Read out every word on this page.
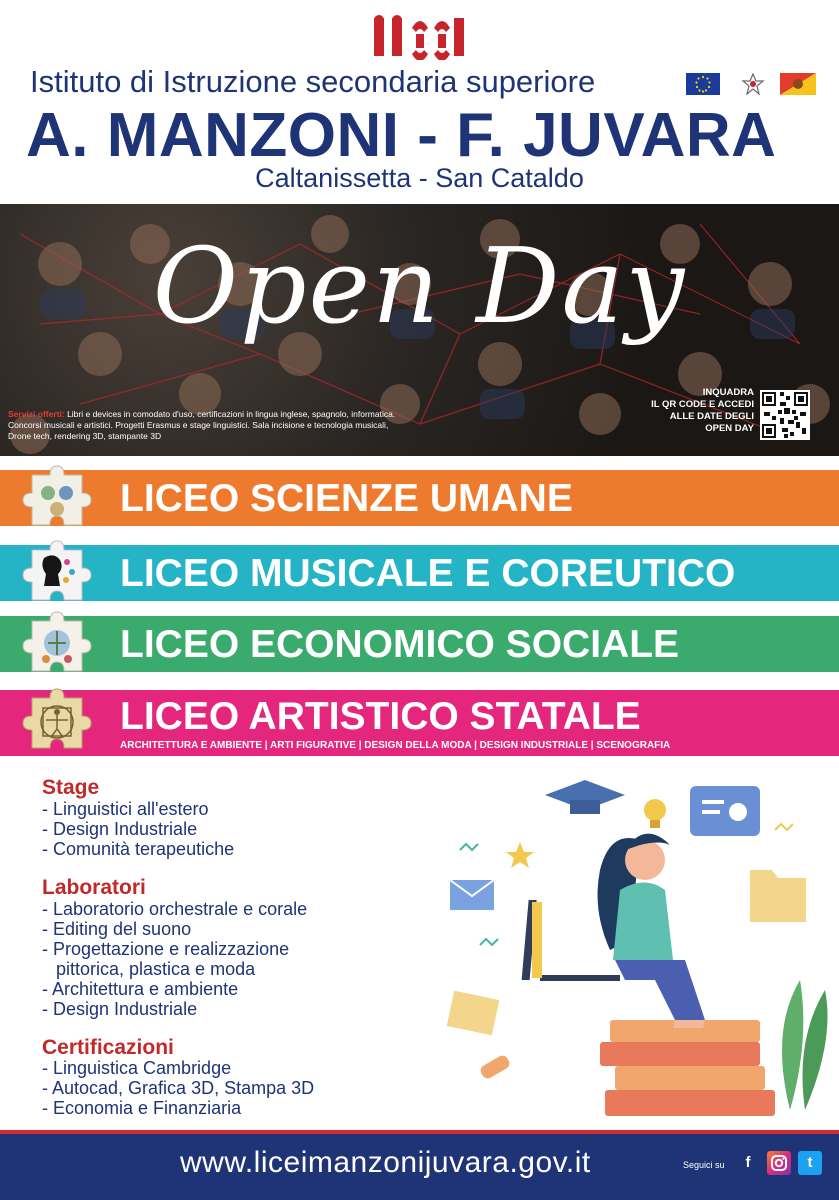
Istituto di Istruzione secondaria superiore
A. MANZONI - F. JUVARA
Caltanissetta - San Cataldo
Open Day
Servizi offerti: Libri e devices in comodato d'uso, certificazioni in lingua inglese, spagnolo, informatica.
Concorsi musicali e artistici. Progetti Erasmus e stage linguistici. Sala incisione e tecnologia musicali,
Drone tech, rendering 3D, stampante 3D
INQUADRA
IL QR CODE E ACCEDI
ALLE DATE DEGLI
OPEN DAY
LICEO SCIENZE UMANE
LICEO MUSICALE E COREUTICO
LICEO ECONOMICO SOCIALE
LICEO ARTISTICO STATALE
ARCHITETTURA E AMBIENTE | ARTI FIGURATIVE | DESIGN DELLA MODA | DESIGN INDUSTRIALE | SCENOGRAFIA
Stage
- Linguistici all'estero
- Design Industriale
- Comunità terapeutiche
Laboratori
- Laboratorio orchestrale e corale
- Editing del suono
- Progettazione e realizzazione
pittorica, plastica e moda
- Architettura e ambiente
- Design Industriale
Certificazioni
- Linguistica Cambridge
- Autocad, Grafica 3D, Stampa 3D
- Economia e Finanziaria
www.liceimanzonijuvara.gov.it	Seguici su	f	t
